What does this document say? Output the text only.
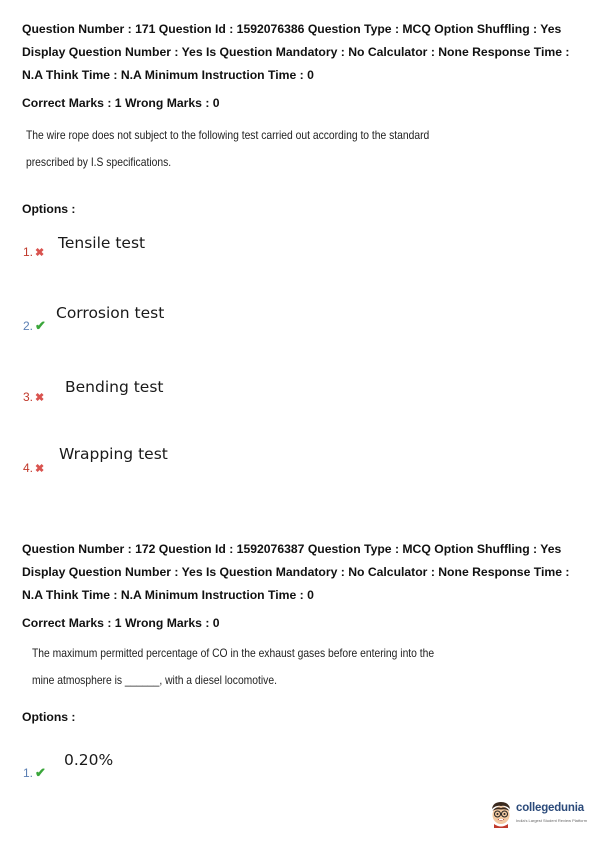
Question Number : 171 Question Id : 1592076386 Question Type : MCQ Option Shuffling : Yes Display Question Number : Yes Is Question Mandatory : No Calculator : None Response Time : N.A Think Time : N.A Minimum Instruction Time : 0
Correct Marks : 1 Wrong Marks : 0
The wire rope does not subject to the following test carried out according to the standard
prescribed by I.S specifications.
Options :
1. ✖
Tensile test
2. ✔
Corrosion test
3. ✖
Bending test
4. ✖
Wrapping test
Question Number : 172 Question Id : 1592076387 Question Type : MCQ Option Shuffling : Yes Display Question Number : Yes Is Question Mandatory : No Calculator : None Response Time : N.A Think Time : N.A Minimum Instruction Time : 0
Correct Marks : 1 Wrong Marks : 0
The maximum permitted percentage of CO in the exhaust gases before entering into the
mine atmosphere is ______, with a diesel locomotive.
Options :
1. ✔
0.20%
collegedunia
India's Largest Student Review Platform
